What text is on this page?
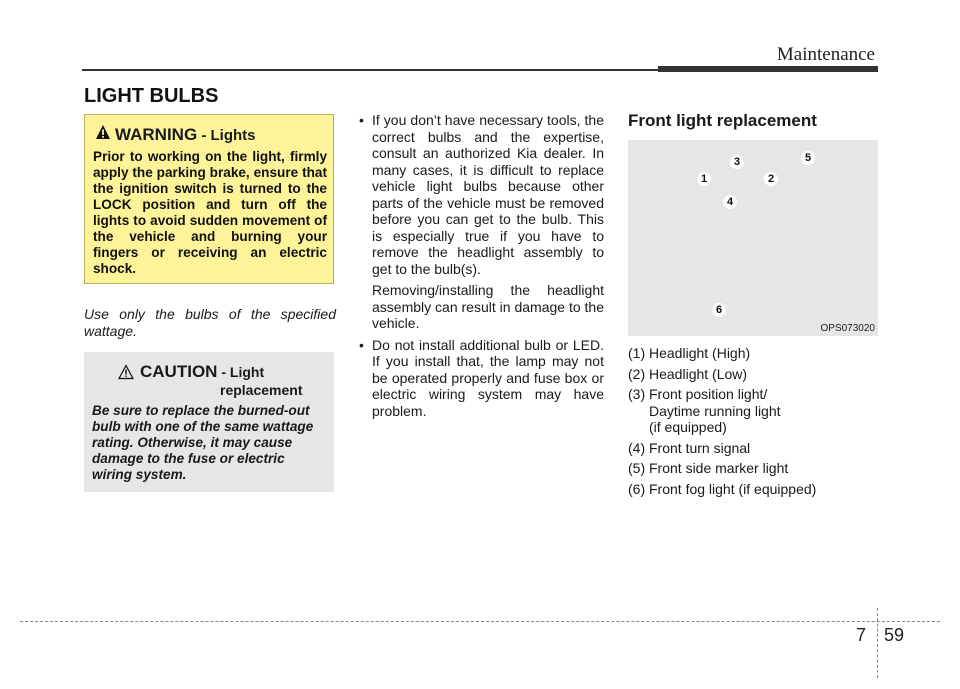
Maintenance
LIGHT BULBS
WARNING - Lights
Prior to working on the light, firmly apply the parking brake, ensure that the ignition switch is turned to the LOCK position and turn off the lights to avoid sudden movement of the vehicle and burning your fingers or receiving an electric shock.
Use only the bulbs of the specified wattage.
CAUTION - Light
replacement
Be sure to replace the burned-out bulb with one of the same wattage rating. Otherwise, it may cause damage to the fuse or electric wiring system.
• If you don’t have necessary tools, the correct bulbs and the expertise, consult an authorized Kia dealer. In many cases, it is difficult to replace vehicle light bulbs because other parts of the vehicle must be removed before you can get to the bulb. This is especially true if you have to remove the headlight assembly to get to the bulb(s).
Removing/installing the headlight assembly can result in damage to the vehicle.
• Do not install additional bulb or LED. If you install that, the lamp may not be operated properly and fuse box or electric wiring system may have problem.
Front light replacement
1	2
3
4
5
6
OPS073020
(1) Headlight (High)
(2) Headlight (Low)
(3) Front position light/
Daytime running light
(if equipped)
(4) Front turn signal
(5) Front side marker light
(6) Front fog light (if equipped)
7 59
